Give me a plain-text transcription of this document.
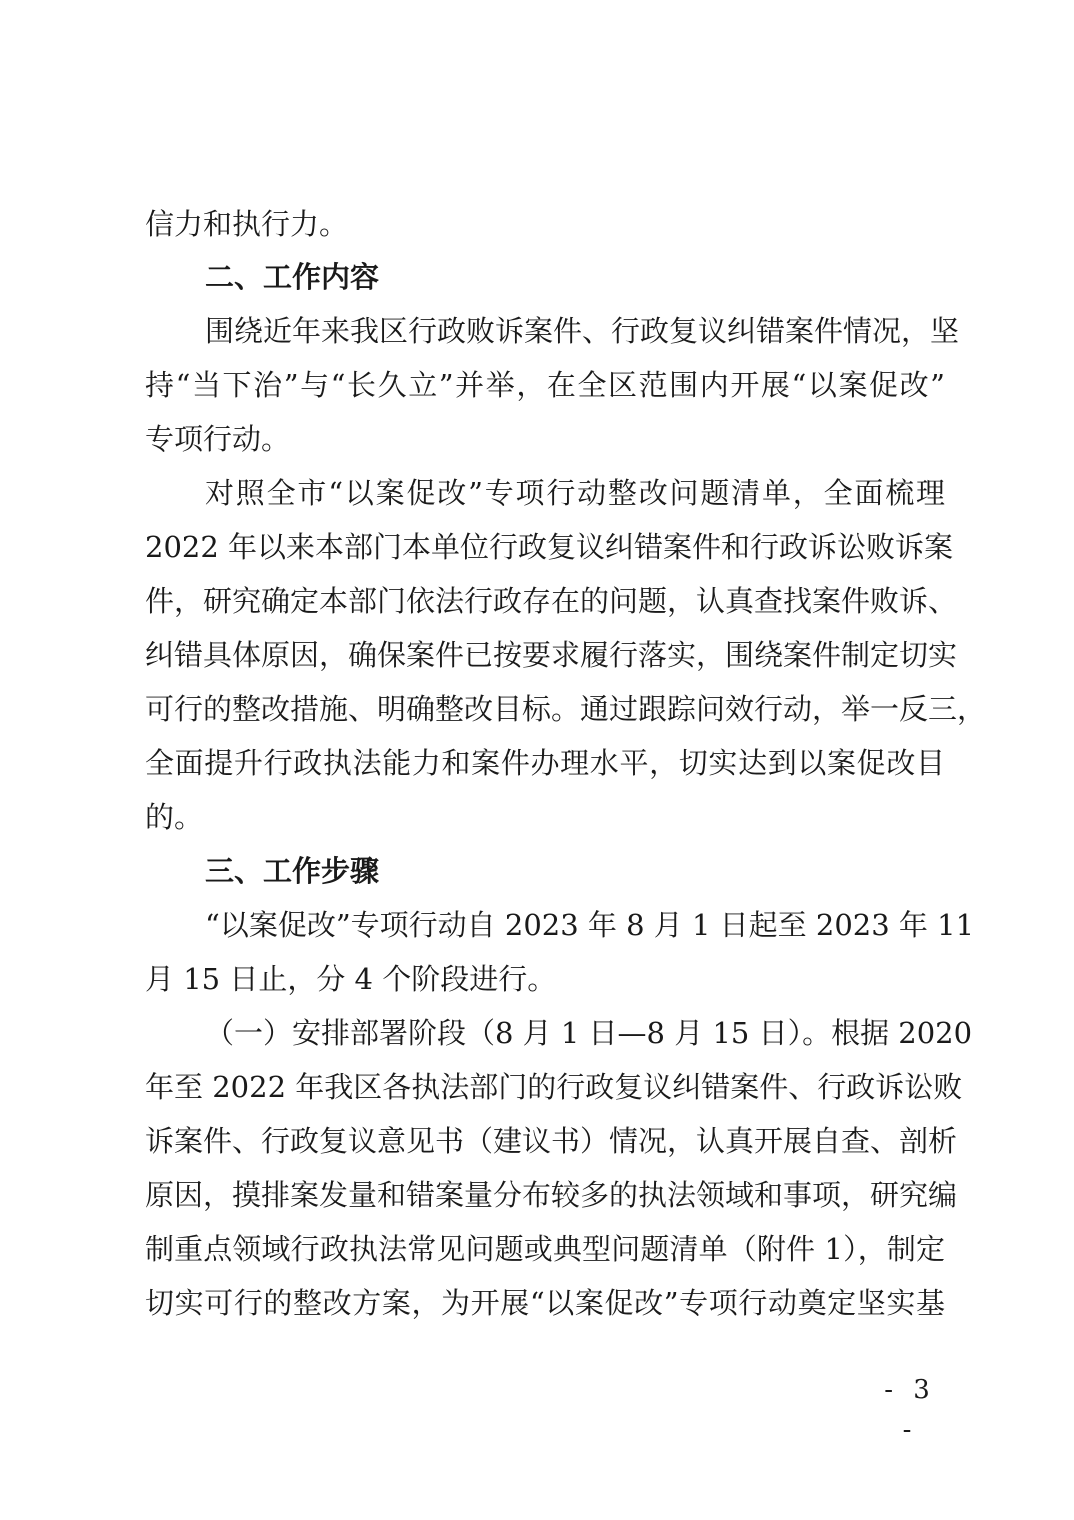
信力和执行力。
二、工作内容
围绕近年来我区行政败诉案件、行政复议纠错案件情况，坚
持“当下治”与“长久立”并举，在全区范围内开展“以案促改”
专项行动。
对照全市“以案促改”专项行动整改问题清单，全面梳理
2022 年以来本部门本单位行政复议纠错案件和行政诉讼败诉案
件，研究确定本部门依法行政存在的问题，认真查找案件败诉、
纠错具体原因，确保案件已按要求履行落实，围绕案件制定切实
可行的整改措施、明确整改目标。通过跟踪问效行动，举一反三，
全面提升行政执法能力和案件办理水平，切实达到以案促改目
的。
三、工作步骤
“以案促改”专项行动自 2023 年 8 月 1 日起至 2023 年 11
月 15 日止，分 4 个阶段进行。
（一）安排部署阶段（8 月 1 日—8 月 15 日）。根据 2020
年至 2022 年我区各执法部门的行政复议纠错案件、行政诉讼败
诉案件、行政复议意见书（建议书）情况，认真开展自查、剖析
原因，摸排案发量和错案量分布较多的执法领域和事项，研究编
制重点领域行政执法常见问题或典型问题清单（附件 1），制定
切实可行的整改方案，为开展“以案促改”专项行动奠定坚实基
- 3 -
